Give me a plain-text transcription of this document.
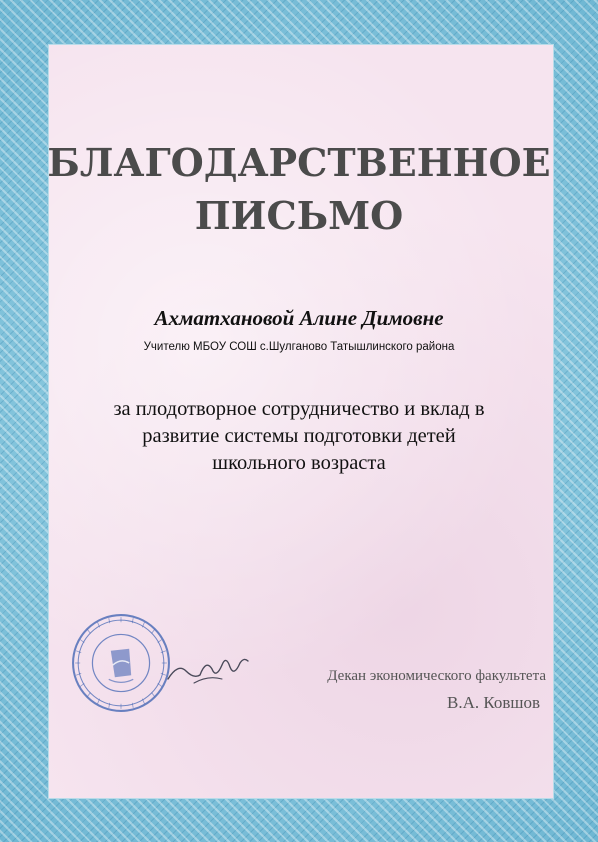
БЛАГОДАРСТВЕННОЕ
ПИСЬМО
Ахматхановой Алине Димовне
Учителю МБОУ СОШ с.Шулганово Татышлинского района
за плодотворное сотрудничество и вклад в
развитие системы подготовки детей
школьного возраста
Декан экономического факультета
В.А. Ковшов
